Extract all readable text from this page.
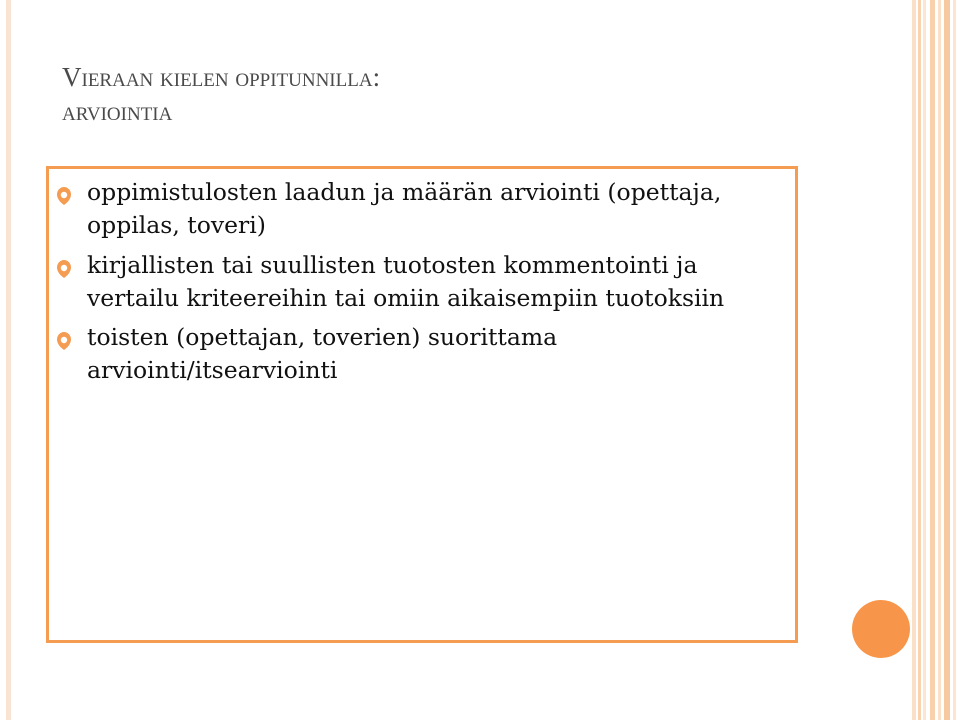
Vieraan kielen oppitunnilla:
arviointia
oppimistulosten laadun ja määrän arviointi (opettaja, oppilas, toveri)
kirjallisten tai suullisten tuotosten kommentointi ja vertailu kriteereihin tai omiin aikaisempiin tuotoksiin
toisten (opettajan, toverien) suorittama arviointi/itsearviointi
